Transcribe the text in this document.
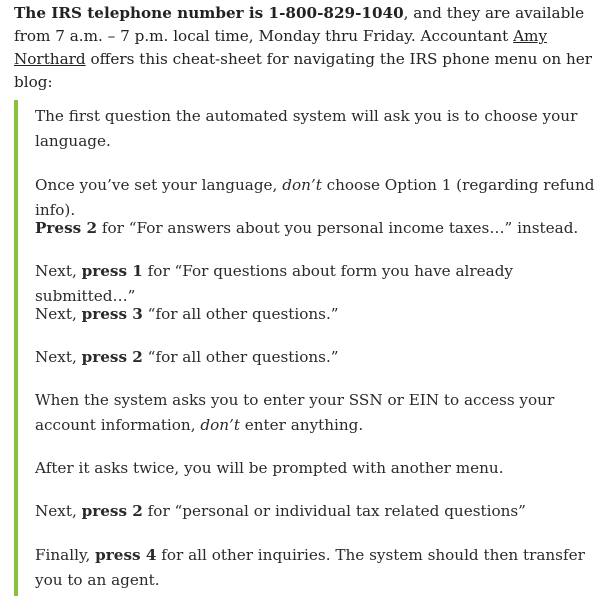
The IRS telephone number is 1-800-829-1040, and they are available from 7 a.m. – 7 p.m. local time, Monday thru Friday. Accountant Amy Northard offers this cheat-sheet for navigating the IRS phone menu on her blog:

The first question the automated system will ask you is to choose your language.

Once you’ve set your language, don’t choose Option 1 (regarding refund info).

Press 2 for “For answers about you personal income taxes…” instead.

Next, press 1 for “For questions about form you have already submitted…”

Next, press 3 “for all other questions.”

Next, press 2 “for all other questions.”

When the system asks you to enter your SSN or EIN to access your account information, don’t enter anything.

After it asks twice, you will be prompted with another menu.

Next, press 2 for “personal or individual tax related questions”

Finally, press 4 for all other inquiries. The system should then transfer you to an agent.
